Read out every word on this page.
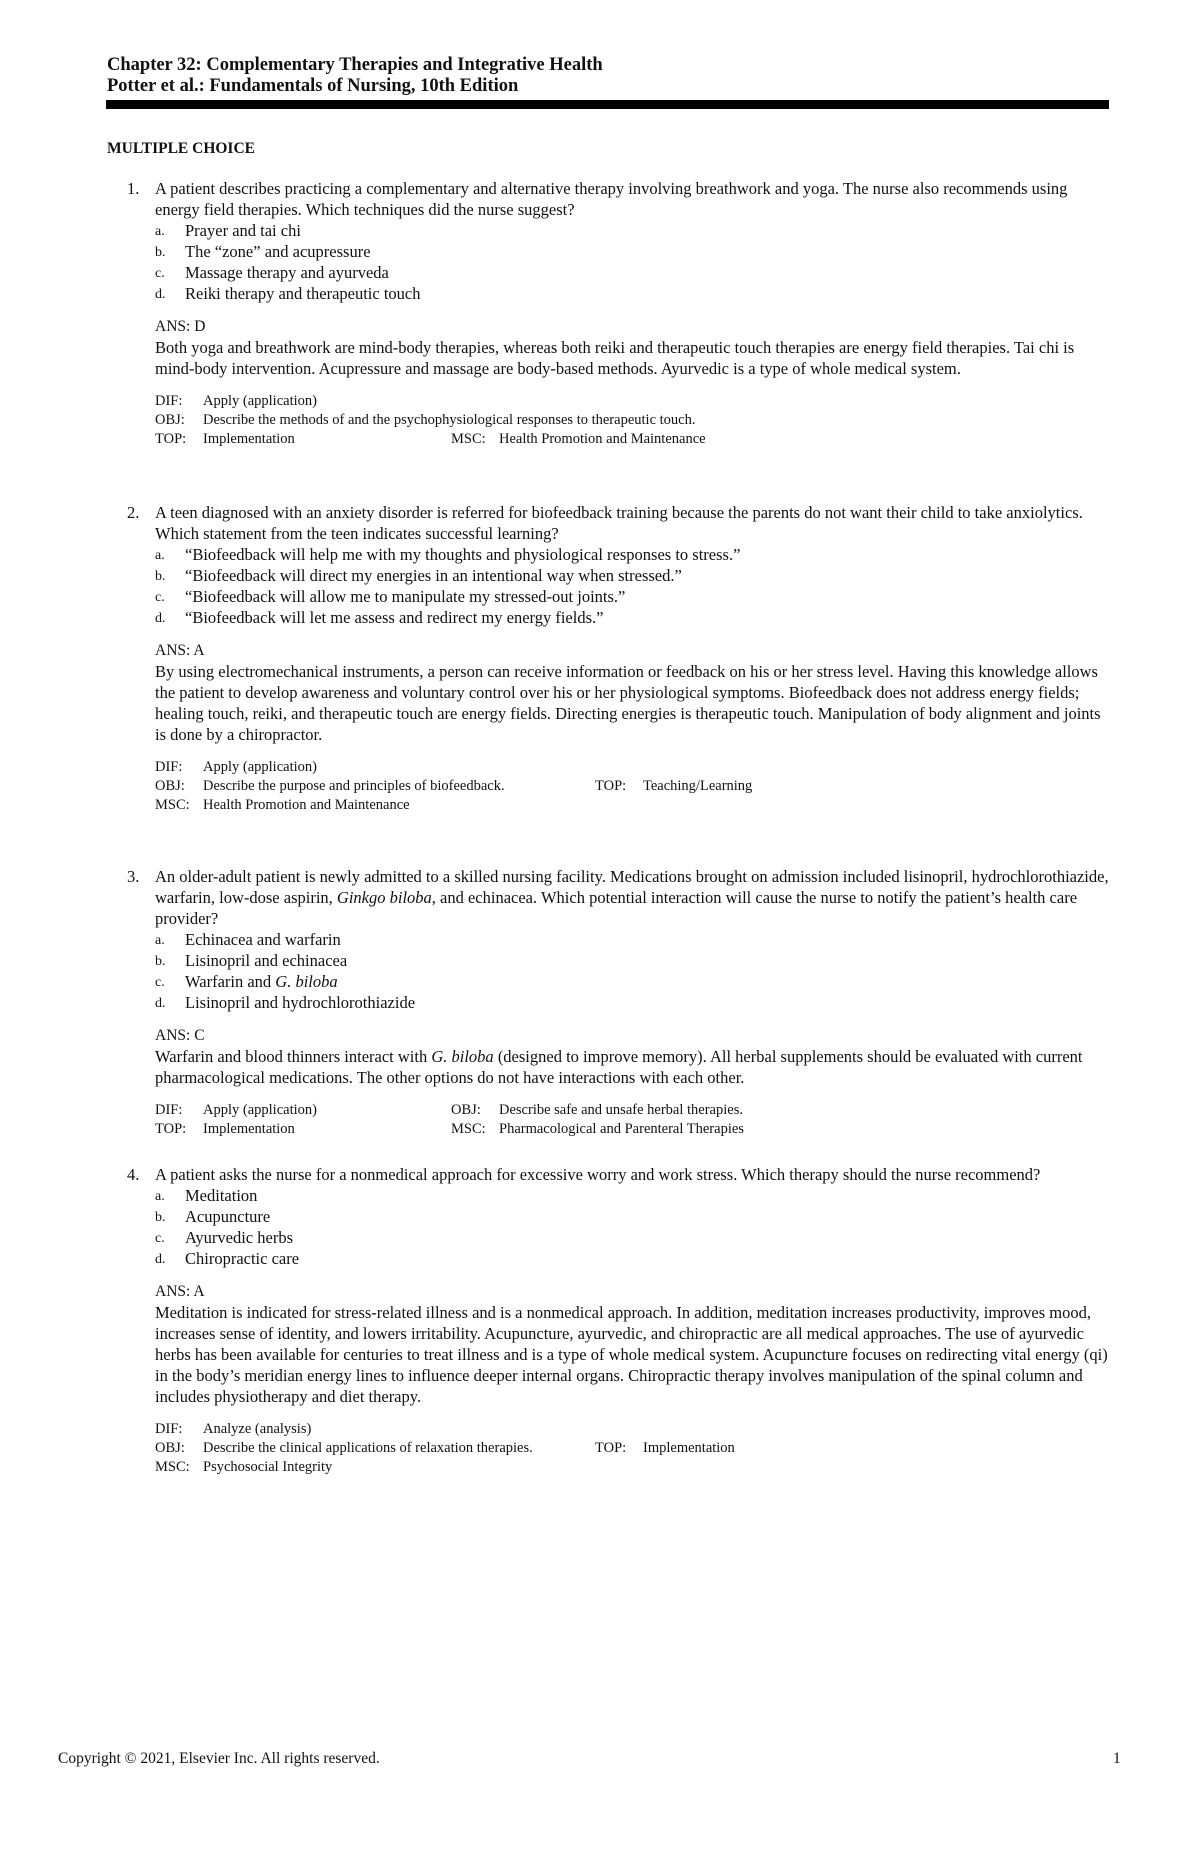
Chapter 32: Complementary Therapies and Integrative Health
Potter et al.: Fundamentals of Nursing, 10th Edition
MULTIPLE CHOICE
1. A patient describes practicing a complementary and alternative therapy involving breathwork and yoga. The nurse also recommends using energy field therapies. Which techniques did the nurse suggest?
a. Prayer and tai chi
b. The “zone” and acupressure
c. Massage therapy and ayurveda
d. Reiki therapy and therapeutic touch
ANS: D
Both yoga and breathwork are mind-body therapies, whereas both reiki and therapeutic touch therapies are energy field therapies. Tai chi is mind-body intervention. Acupressure and massage are body-based methods. Ayurvedic is a type of whole medical system.
DIF: Apply (application)
OBJ: Describe the methods of and the psychophysiological responses to therapeutic touch.
TOP: Implementation	MSC: Health Promotion and Maintenance
2. A teen diagnosed with an anxiety disorder is referred for biofeedback training because the parents do not want their child to take anxiolytics. Which statement from the teen indicates successful learning?
a. “Biofeedback will help me with my thoughts and physiological responses to stress.”
b. “Biofeedback will direct my energies in an intentional way when stressed.”
c. “Biofeedback will allow me to manipulate my stressed-out joints.”
d. “Biofeedback will let me assess and redirect my energy fields.”
ANS: A
By using electromechanical instruments, a person can receive information or feedback on his or her stress level. Having this knowledge allows the patient to develop awareness and voluntary control over his or her physiological symptoms. Biofeedback does not address energy fields; healing touch, reiki, and therapeutic touch are energy fields. Directing energies is therapeutic touch. Manipulation of body alignment and joints is done by a chiropractor.
DIF: Apply (application)
OBJ: Describe the purpose and principles of biofeedback.	TOP: Teaching/Learning
MSC: Health Promotion and Maintenance
3. An older-adult patient is newly admitted to a skilled nursing facility. Medications brought on admission included lisinopril, hydrochlorothiazide, warfarin, low-dose aspirin, Ginkgo biloba, and echinacea. Which potential interaction will cause the nurse to notify the patient’s health care provider?
a. Echinacea and warfarin
b. Lisinopril and echinacea
c. Warfarin and G. biloba
d. Lisinopril and hydrochlorothiazide
ANS: C
Warfarin and blood thinners interact with G. biloba (designed to improve memory). All herbal supplements should be evaluated with current pharmacological medications. The other options do not have interactions with each other.
DIF: Apply (application)	OBJ: Describe safe and unsafe herbal therapies.
TOP: Implementation	MSC: Pharmacological and Parenteral Therapies
4. A patient asks the nurse for a nonmedical approach for excessive worry and work stress. Which therapy should the nurse recommend?
a. Meditation
b. Acupuncture
c. Ayurvedic herbs
d. Chiropractic care
ANS: A
Meditation is indicated for stress-related illness and is a nonmedical approach. In addition, meditation increases productivity, improves mood, increases sense of identity, and lowers irritability. Acupuncture, ayurvedic, and chiropractic are all medical approaches. The use of ayurvedic herbs has been available for centuries to treat illness and is a type of whole medical system. Acupuncture focuses on redirecting vital energy (qi) in the body’s meridian energy lines to influence deeper internal organs. Chiropractic therapy involves manipulation of the spinal column and includes physiotherapy and diet therapy.
DIF: Analyze (analysis)
OBJ: Describe the clinical applications of relaxation therapies.	TOP: Implementation
MSC: Psychosocial Integrity
Copyright © 2021, Elsevier Inc. All rights reserved.	1
